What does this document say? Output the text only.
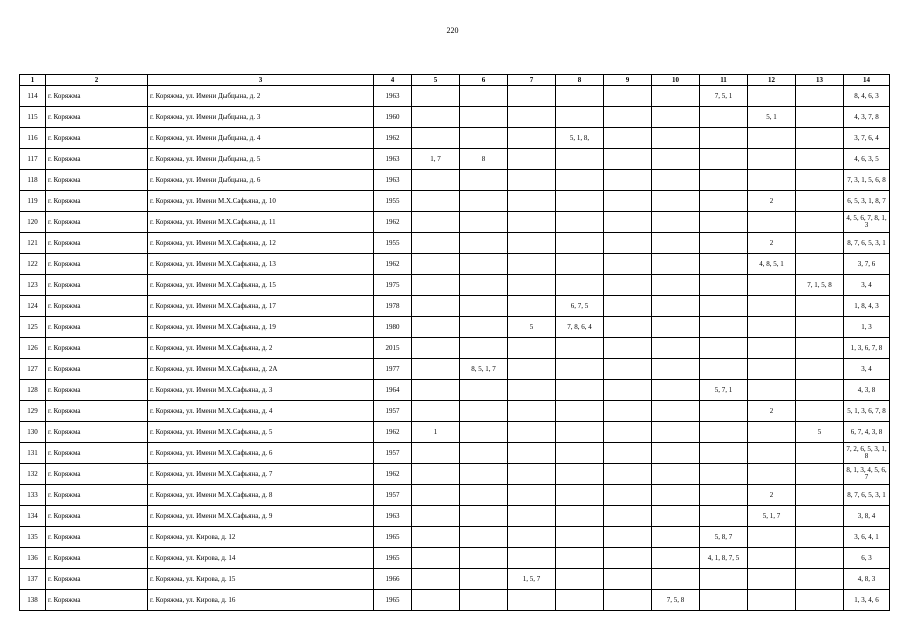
220
1	2	3	4	5	6	7	8	9	10	11	12	13	14
114	г. Коряжма	г. Коряжма, ул. Имени Дыбцына, д. 2	1963							7, 5, 1			8, 4, 6, 3
115	г. Коряжма	г. Коряжма, ул. Имени Дыбцына, д. 3	1960								5, 1		4, 3, 7, 8
116	г. Коряжма	г. Коряжма, ул. Имени Дыбцына, д. 4	1962				5, 1, 8,						3, 7, 6, 4
117	г. Коряжма	г. Коряжма, ул. Имени Дыбцына, д. 5	1963	1, 7	8								4, 6, 3, 5
118	г. Коряжма	г. Коряжма, ул. Имени Дыбцына, д. 6	1963										7, 3, 1, 5, 6, 8
119	г. Коряжма	г. Коряжма, ул. Имени М.Х.Сафьяна, д. 10	1955								2		6, 5, 3, 1, 8, 7
120	г. Коряжма	г. Коряжма, ул. Имени М.Х.Сафьяна, д. 11	1962										4, 5, 6, 7, 8, 1, 3
121	г. Коряжма	г. Коряжма, ул. Имени М.Х.Сафьяна, д. 12	1955								2		8, 7, 6, 5, 3, 1
122	г. Коряжма	г. Коряжма, ул. Имени М.Х.Сафьяна, д. 13	1962								4, 8, 5, 1		3, 7, 6
123	г. Коряжма	г. Коряжма, ул. Имени М.Х.Сафьяна, д. 15	1975									7, 1, 5, 8	3, 4
124	г. Коряжма	г. Коряжма, ул. Имени М.Х.Сафьяна, д. 17	1978				6, 7, 5						1, 8, 4, 3
125	г. Коряжма	г. Коряжма, ул. Имени М.Х.Сафьяна, д. 19	1980			5	7, 8, 6, 4						1, 3
126	г. Коряжма	г. Коряжма, ул. Имени М.Х.Сафьяна, д. 2	2015										1, 3, 6, 7, 8
127	г. Коряжма	г. Коряжма, ул. Имени М.Х.Сафьяна, д. 2А	1977		8, 5, 1, 7								3, 4
128	г. Коряжма	г. Коряжма, ул. Имени М.Х.Сафьяна, д. 3	1964							5, 7, 1			4, 3, 8
129	г. Коряжма	г. Коряжма, ул. Имени М.Х.Сафьяна, д. 4	1957								2		5, 1, 3, 6, 7, 8
130	г. Коряжма	г. Коряжма, ул. Имени М.Х.Сафьяна, д. 5	1962	1								5	6, 7, 4, 3, 8
131	г. Коряжма	г. Коряжма, ул. Имени М.Х.Сафьяна, д. 6	1957										7, 2, 6, 5, 3, 1, 8
132	г. Коряжма	г. Коряжма, ул. Имени М.Х.Сафьяна, д. 7	1962										8, 1, 3, 4, 5, 6, 7
133	г. Коряжма	г. Коряжма, ул. Имени М.Х.Сафьяна, д. 8	1957								2		8, 7, 6, 5, 3, 1
134	г. Коряжма	г. Коряжма, ул. Имени М.Х.Сафьяна, д. 9	1963								5, 1, 7		3, 8, 4
135	г. Коряжма	г. Коряжма, ул. Кирова, д. 12	1965							5, 8, 7			3, 6, 4, 1
136	г. Коряжма	г. Коряжма, ул. Кирова, д. 14	1965							4, 1, 8, 7, 5			6, 3
137	г. Коряжма	г. Коряжма, ул. Кирова, д. 15	1966			1, 5, 7							4, 8, 3
138	г. Коряжма	г. Коряжма, ул. Кирова, д. 16	1965						7, 5, 8				1, 3, 4, 6
